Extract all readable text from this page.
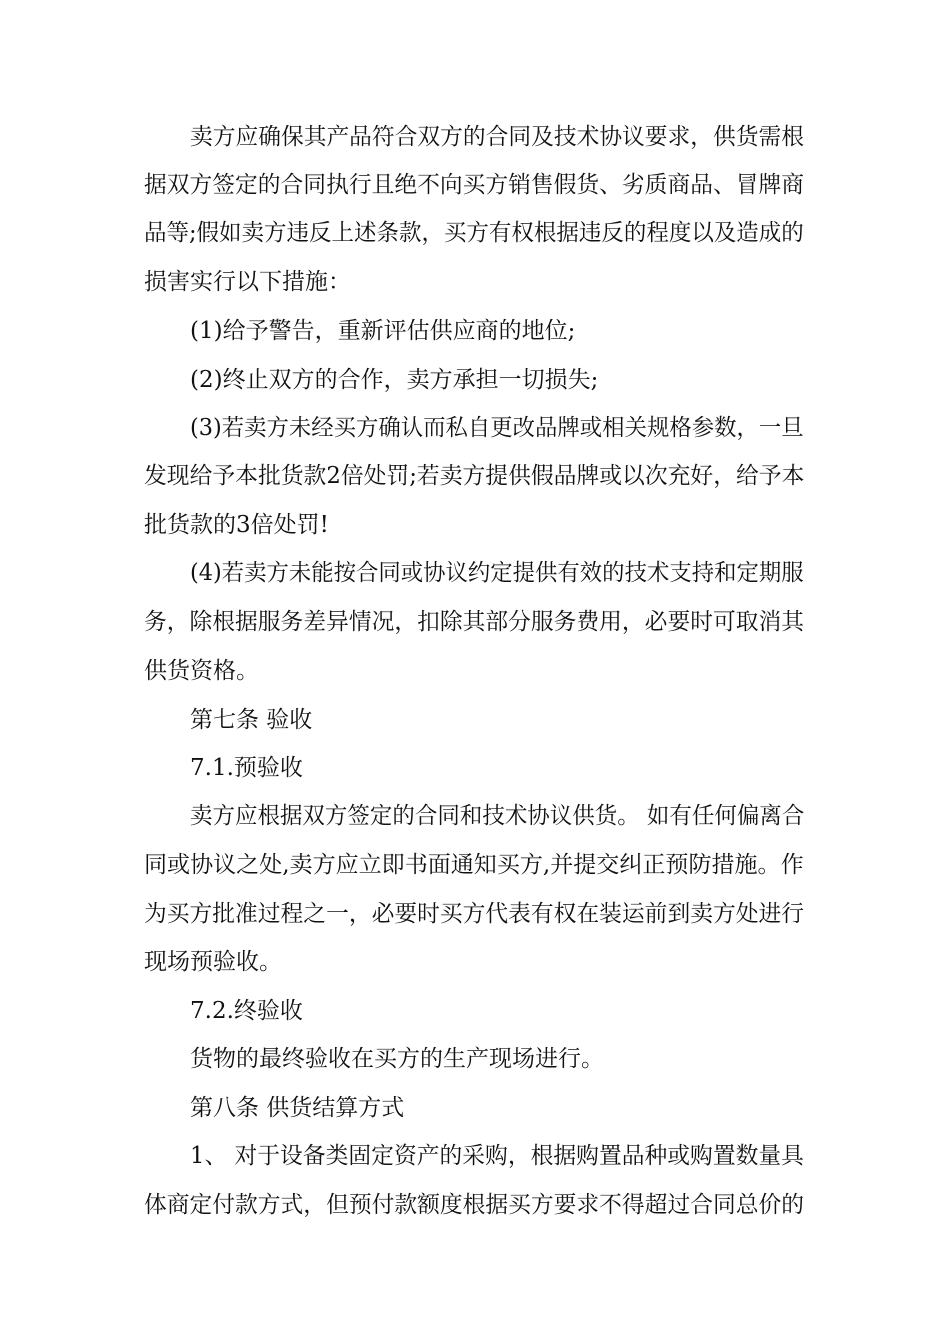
卖方应确保其产品符合双方的合同及技术协议要求，供货需根
据双方签定的合同执行且绝不向买方销售假货、劣质商品、冒牌商
品等;假如卖方违反上述条款，买方有权根据违反的程度以及造成的
损害实行以下措施：
(1)给予警告，重新评估供应商的地位;
(2)终止双方的合作，卖方承担一切损失;
(3)若卖方未经买方确认而私自更改品牌或相关规格参数，一旦
发现给予本批货款2倍处罚;若卖方提供假品牌或以次充好，给予本
批货款的3倍处罚!
(4)若卖方未能按合同或协议约定提供有效的技术支持和定期服
务，除根据服务差异情况，扣除其部分服务费用，必要时可取消其
供货资格。
第七条 验收
7.1.预验收
卖方应根据双方签定的合同和技术协议供货。 如有任何偏离合
同或协议之处,卖方应立即书面通知买方,并提交纠正预防措施。作
为买方批准过程之一，必要时买方代表有权在装运前到卖方处进行
现场预验收。
7.2.终验收
货物的最终验收在买方的生产现场进行。
第八条 供货结算方式
1、 对于设备类固定资产的采购，根据购置品种或购置数量具
体商定付款方式，但预付款额度根据买方要求不得超过合同总价的
